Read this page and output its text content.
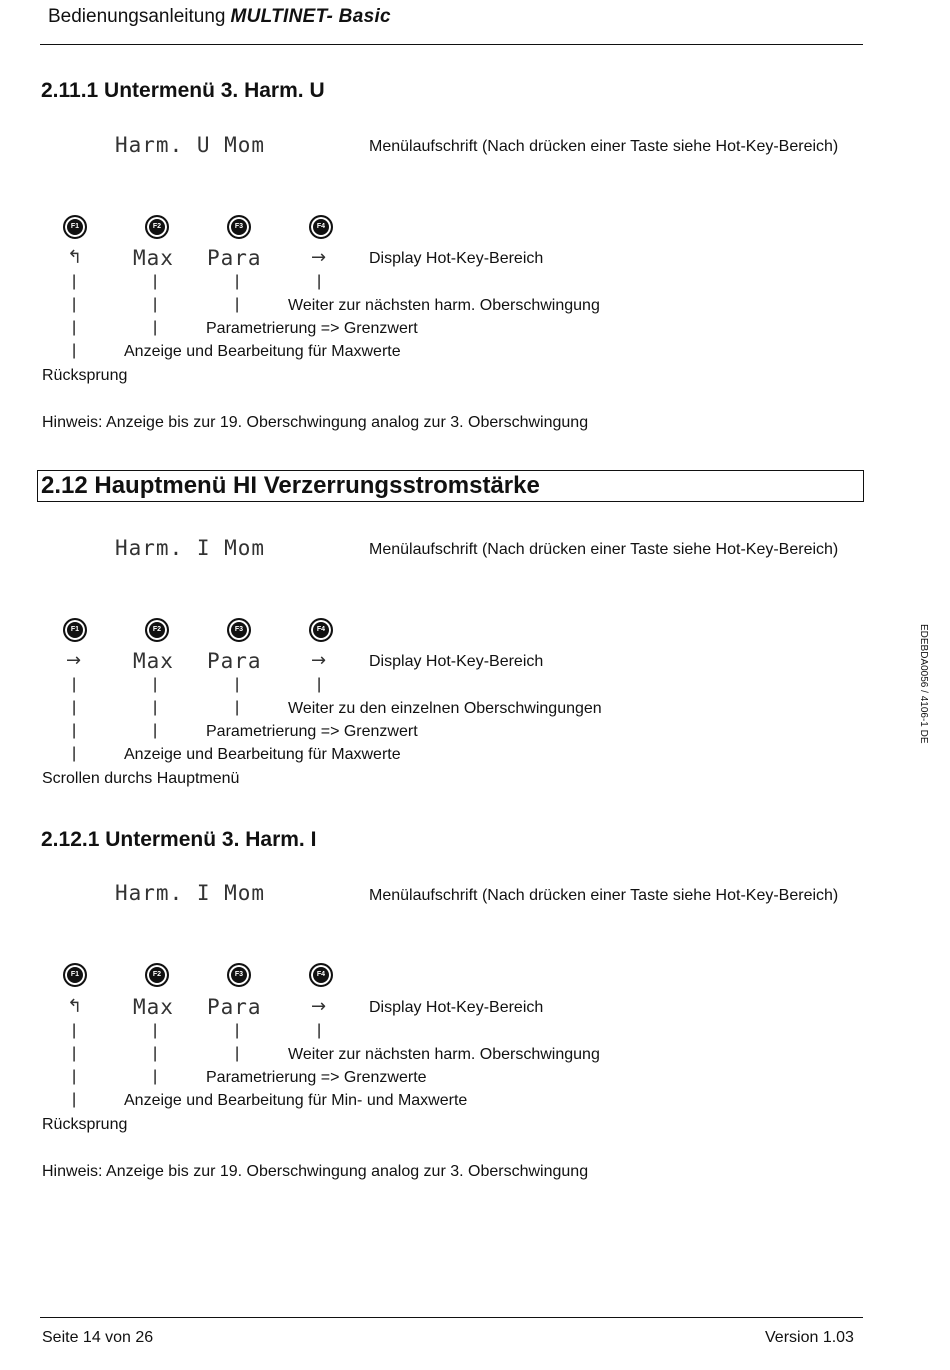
Bedienungsanleitung MULTINET- Basic
2.11.1 Untermenü 3. Harm. U
Harm. U Mom	Menülaufschrift (Nach drücken einer Taste siehe Hot-Key-Bereich)
F1	F2	F3	F4
↰ Max Para	→	Display Hot-Key-Bereich
|	|	|	|
|	|	|	Weiter zur nächsten harm. Oberschwingung
|	|	Parametrierung => Grenzwert
|	Anzeige und Bearbeitung für Maxwerte
Rücksprung
Hinweis: Anzeige bis zur 19. Oberschwingung analog zur 3. Oberschwingung
2.12 Hauptmenü HI Verzerrungsstromstärke
Harm. I Mom	Menülaufschrift (Nach drücken einer Taste siehe Hot-Key-Bereich)
F1	F2	F3	F4
→ Max Para	→	Display Hot-Key-Bereich
|	|	|	|
|	|	|	Weiter zu den einzelnen Oberschwingungen
|	|	Parametrierung => Grenzwert
|	Anzeige und Bearbeitung für Maxwerte
Scrollen durchs Hauptmenü
2.12.1 Untermenü 3. Harm. I
Harm. I Mom	Menülaufschrift (Nach drücken einer Taste siehe Hot-Key-Bereich)
F1	F2	F3	F4
↰ Max Para	→	Display Hot-Key-Bereich
|	|	|	|
|	|	|	Weiter zur nächsten harm. Oberschwingung
|	|	Parametrierung => Grenzwerte
|	Anzeige und Bearbeitung für Min- und Maxwerte
Rücksprung
Hinweis: Anzeige bis zur 19. Oberschwingung analog zur 3. Oberschwingung
EDEBDA0056 / 4106-1 DE
Seite 14 von 26	Version 1.03
